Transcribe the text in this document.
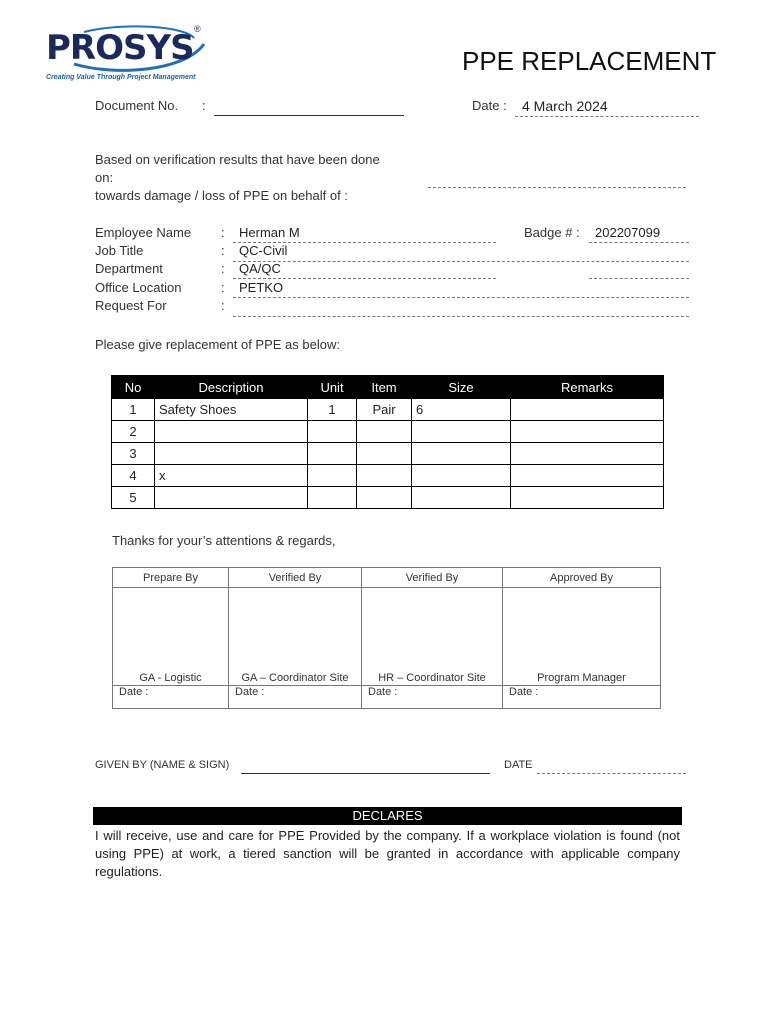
PROSYS ®
Creating Value Through Project Management
PPE REPLACEMENT
Document No. :	Date : 4 March 2024
Based on verification results that have been done
on:
towards damage / loss of PPE on behalf of :
Employee Name : Herman M	Badge # : 202207099
Job Title	: QC-Civil
Department	: QA/QC
Office Location	: PETKO
Request For	:
Please give replacement of PPE as below:
No	Description	Unit	Item	Size	Remarks
1	Safety Shoes	1	Pair	6	
2					
3					
4	x				
5					
Thanks for your’s attentions & regards,
Prepare By	Verified By	Verified By	Approved By
GA - Logistic	GA – Coordinator Site	HR – Coordinator Site	Program Manager
Date :	Date :	Date :	Date :
GIVEN BY (NAME & SIGN)	DATE
DECLARES
I will receive, use and care for PPE Provided by the company. If a workplace violation is found (not using PPE) at work, a tiered sanction will be granted in accordance with applicable company regulations.
